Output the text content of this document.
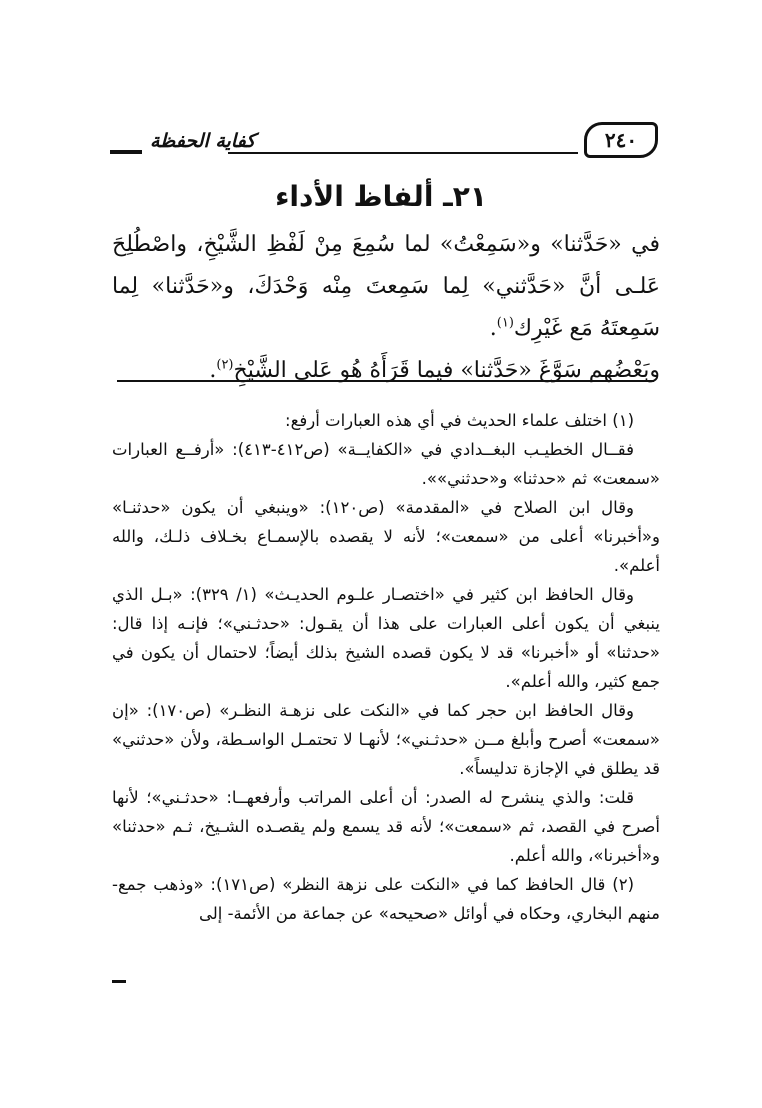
٢٤٠
كفاية الحفظة
٢١ـ ألفاظ الأداء

في «حَدَّثنا» و«سَمِعْتُ» لما سُمِعَ مِنْ لَفْظِ الشَّيْخِ، واصْطُلِحَ عَلـى أنَّ «حَدَّثني» لِما سَمِعتَ مِنْه وَحْدَكَ، و«حَدَّثنا» لِما سَمِعتَهُ مَع غَيْرِك$^{(١)}$.

وبَعْضُهم سَوَّغَ «حَدَّثنا» فيما قَرَأَهُ هُو عَلى الشَّيْخِ$^{(٢)}$.

(١) اختلف علماء الحديث في أي هذه العبارات أرفع:

فقــال الخطيـب البغــدادي في «الكفايــة» (ص٤١٢-٤١٣): «أرفــع العبارات «سمعت» ثم «حدثنا» و«حدثني»».

وقال ابن الصلاح في «المقدمة» (ص١٢٠): «وينبغي أن يكون «حدثنـا» و«أخبرنا» أعلى من «سمعت»؛ لأنه لا يقصده بالإسمـاع بخـلاف ذلـك، والله أعلم».

وقال الحافظ ابن كثير في «اختصـار علـوم الحديـث» (١/ ٣٢٩): «بـل الذي ينبغي أن يكون أعلى العبارات على هذا أن يقـول: «حدثـني»؛ فإنـه إذا قال: «حدثنا» أو «أخبرنا» قد لا يكون قصده الشيخ بذلك أيضاً؛ لاحتمال أن يكون في جمع كثير، والله أعلم».

وقال الحافظ ابن حجر كما في «النكت على نزهـة النظـر» (ص١٧٠): «إن «سمعت» أصرح وأبلغ مــن «حدثـني»؛ لأنهـا لا تحتمـل الواسـطة، ولأن «حدثني» قد يطلق في الإجازة تدليساً».

قلت: والذي ينشرح له الصدر: أن أعلى المراتب وأرفعهــا: «حدثـني»؛ لأنها أصرح في القصد، ثم «سمعت»؛ لأنه قد يسمع ولم يقصـده الشـيخ، ثـم «حدثنا» و«أخبرنا»، والله أعلم.

(٢) قال الحافظ كما في «النكت على نزهة النظر» (ص١٧١): «وذهب جمع- منهم البخاري، وحكاه في أوائل «صحيحه» عن جماعة من الأئمة- إلى
